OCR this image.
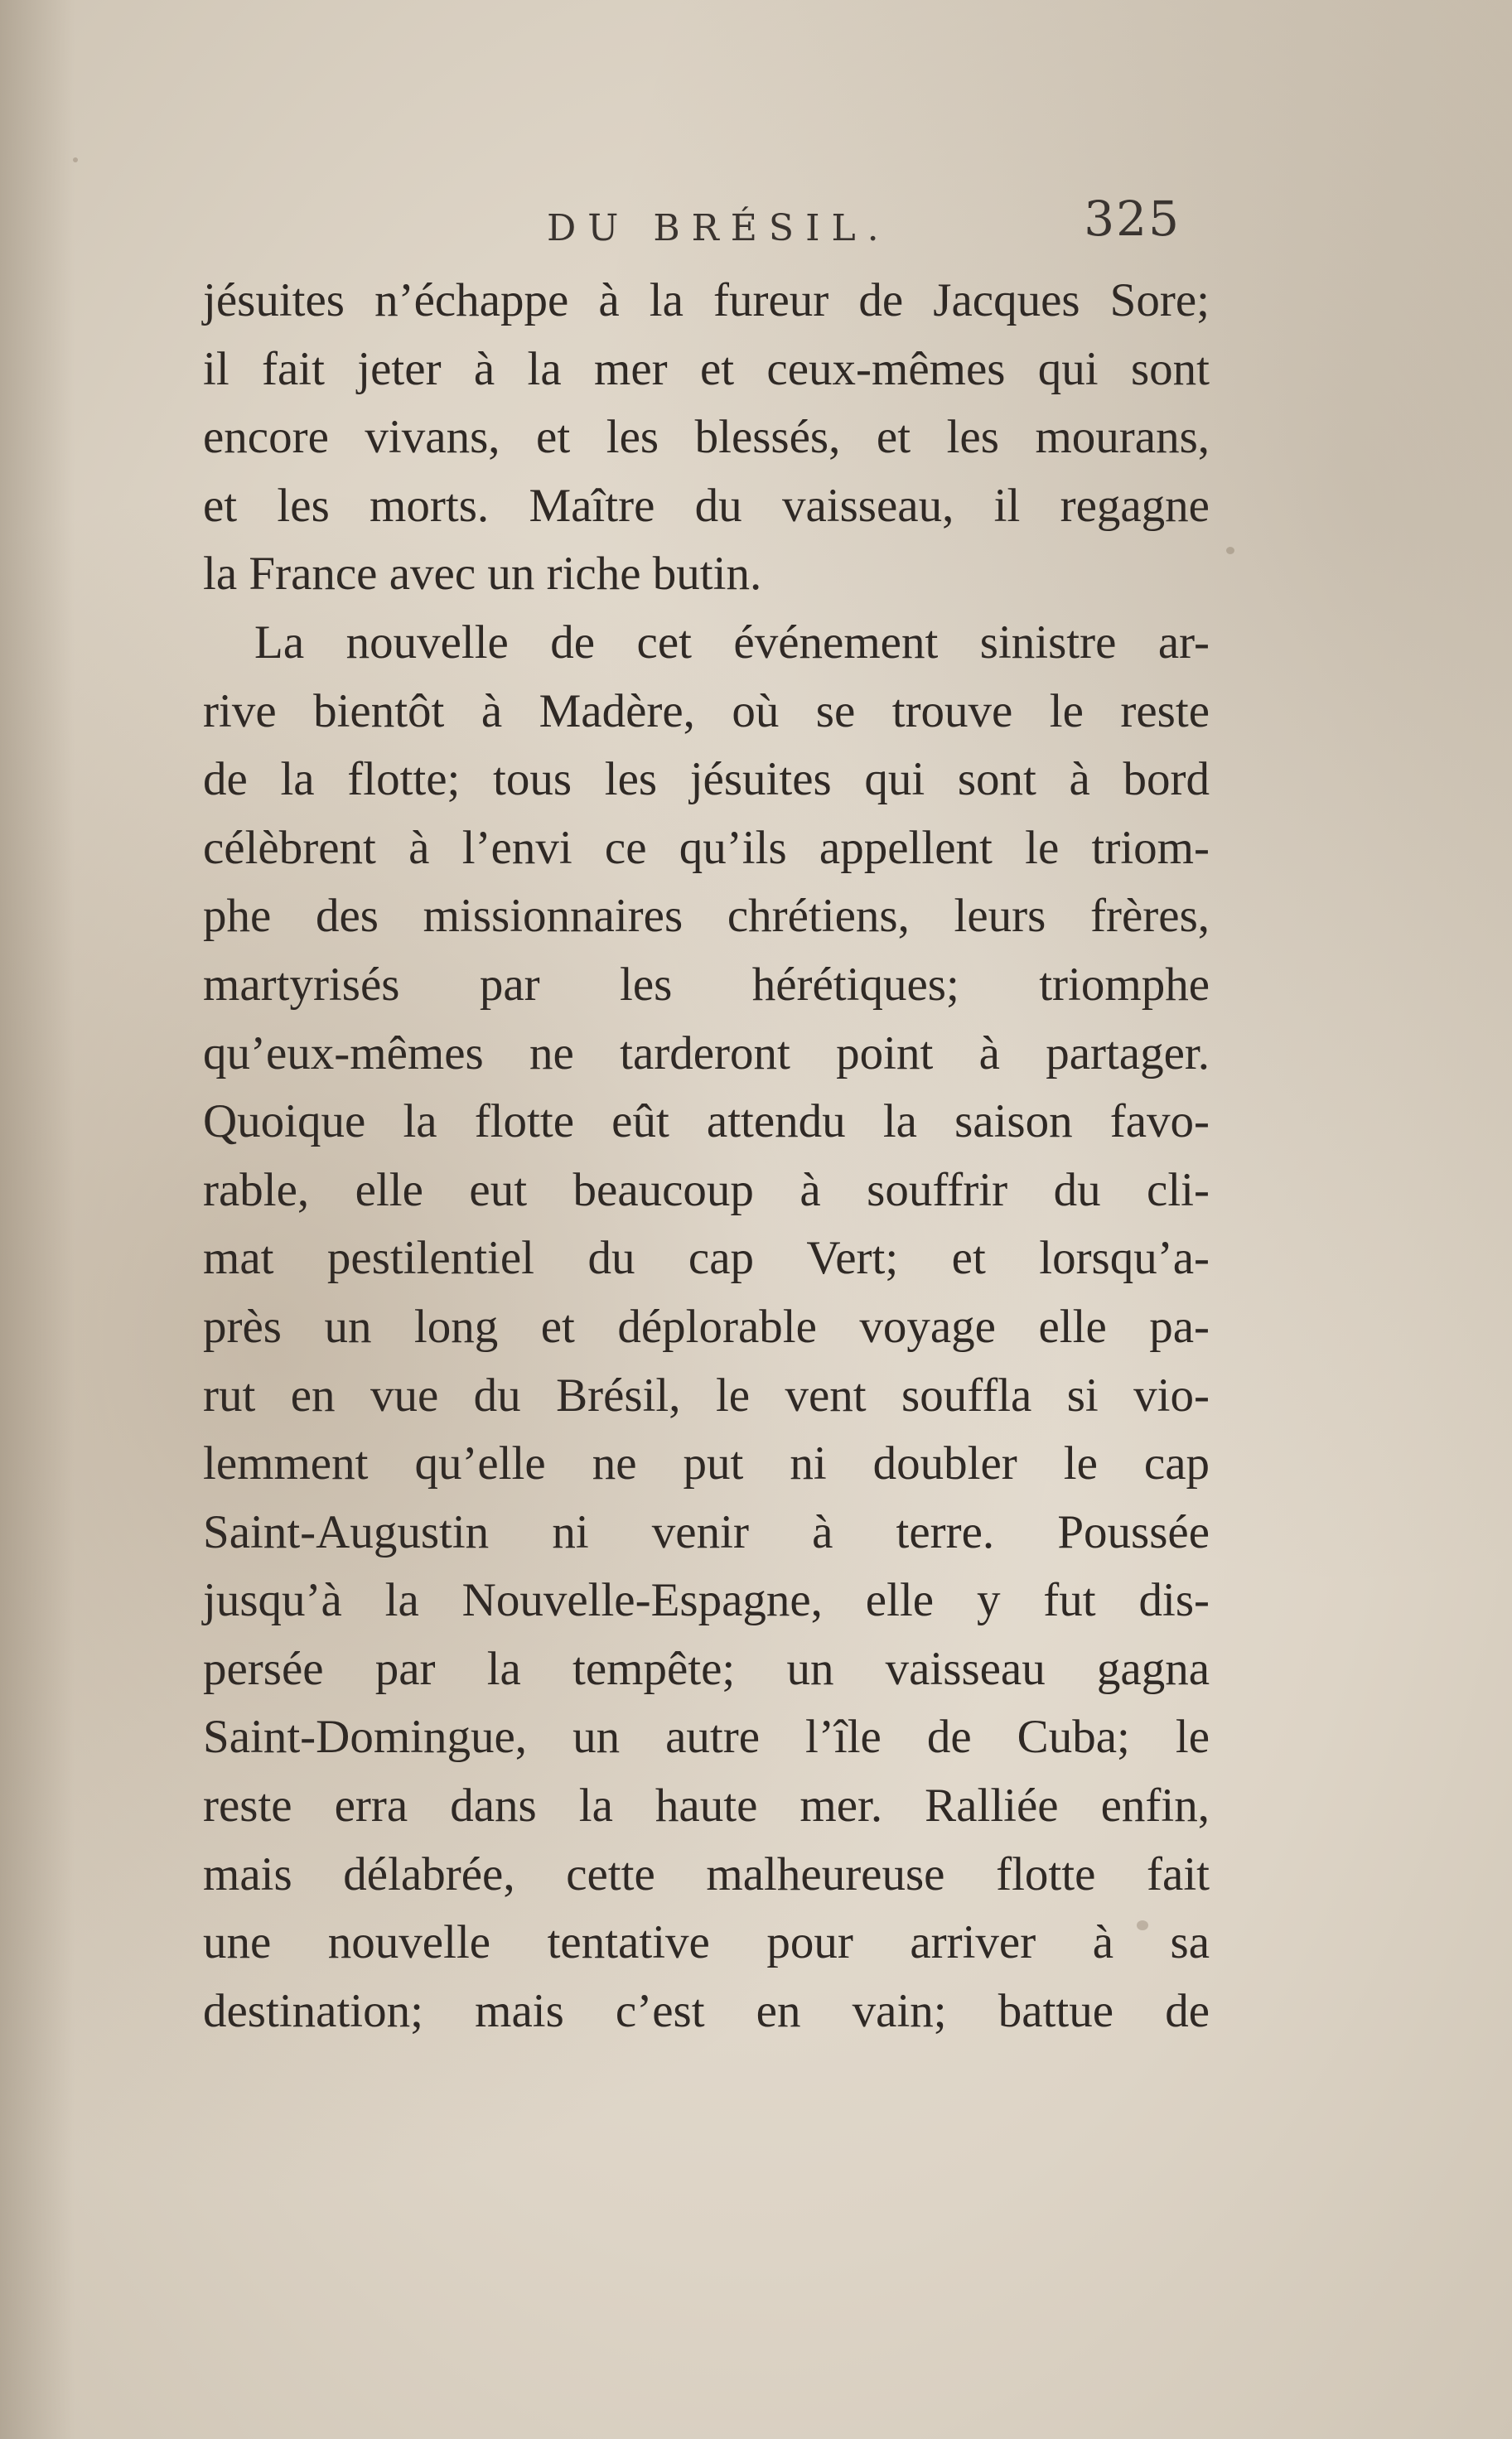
DU BRÉSIL.	325
jésuites n’échappe à la fureur de Jacques Sore;
il fait jeter à la mer et ceux-mêmes qui sont
encore vivans, et les blessés, et les mourans,
et les morts. Maître du vaisseau, il regagne
la France avec un riche butin.
La nouvelle de cet événement sinistre ar-
rive bientôt à Madère, où se trouve le reste
de la flotte; tous les jésuites qui sont à bord
célèbrent à l’envi ce qu’ils appellent le triom-
phe des missionnaires chrétiens, leurs frères,
martyrisés par les hérétiques; triomphe
qu’eux-mêmes ne tarderont point à partager.
Quoique la flotte eût attendu la saison favo-
rable, elle eut beaucoup à souffrir du cli-
mat pestilentiel du cap Vert; et lorsqu’a-
près un long et déplorable voyage elle pa-
rut en vue du Brésil, le vent souffla si vio-
lemment qu’elle ne put ni doubler le cap
Saint-Augustin ni venir à terre. Poussée
jusqu’à la Nouvelle-Espagne, elle y fut dis-
persée par la tempête; un vaisseau gagna
Saint-Domingue, un autre l’île de Cuba; le
reste erra dans la haute mer. Ralliée enfin,
mais délabrée, cette malheureuse flotte fait
une nouvelle tentative pour arriver à sa
destination; mais c’est en vain; battue de
